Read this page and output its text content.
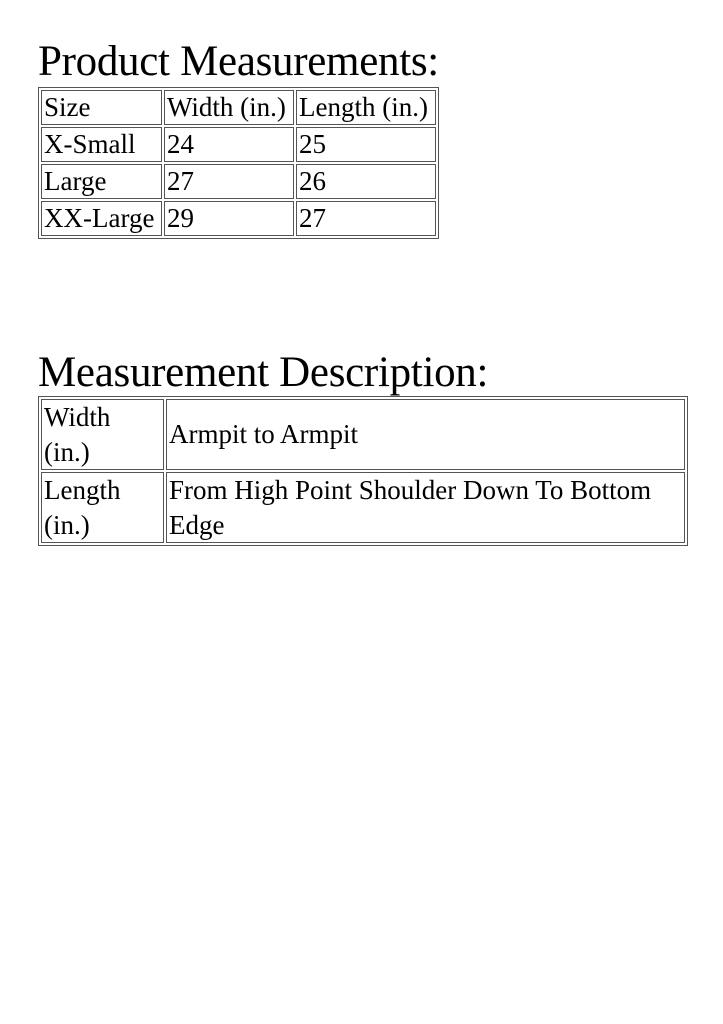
Product Measurements:
Size	Width (in.)	Length (in.)
X-Small	24	25
Large	27	26
XX-Large	29	27
Measurement Description:
Width (in.)	Armpit to Armpit
Length (in.)	From High Point Shoulder Down To Bottom Edge
